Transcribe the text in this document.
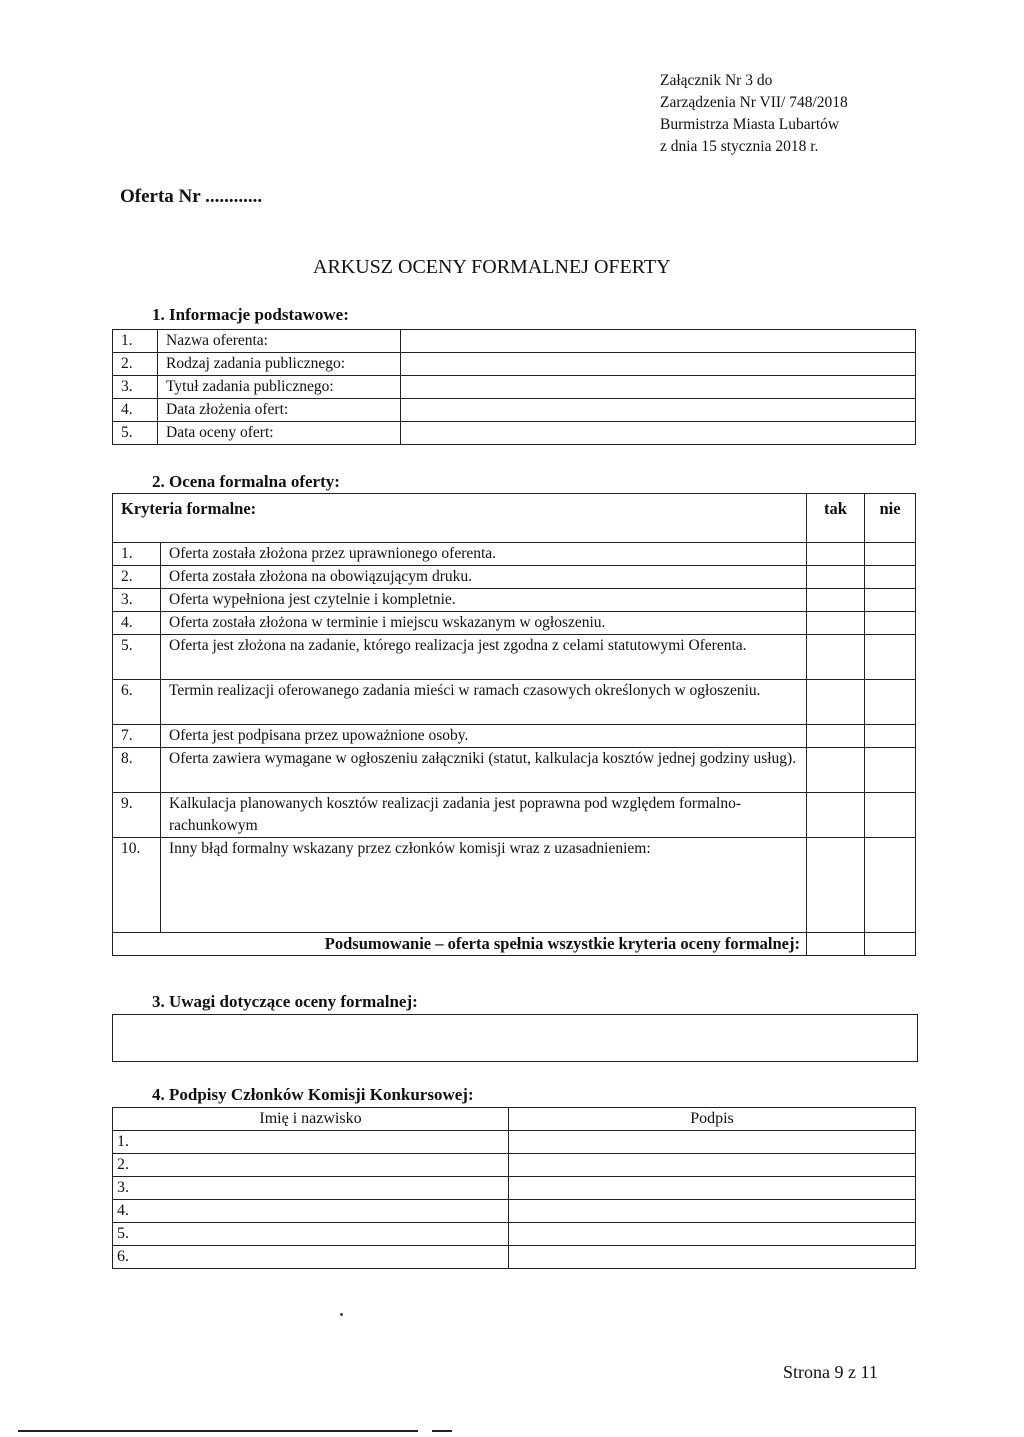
Załącznik Nr 3 do
Zarządzenia Nr VII/ 748/2018
Burmistrza Miasta Lubartów
z dnia 15 stycznia 2018 r.
Oferta Nr ............
ARKUSZ OCENY FORMALNEJ OFERTY
1. Informacje podstawowe:
1.	Nazwa oferenta:	
2.	Rodzaj zadania publicznego:	
3.	Tytuł zadania publicznego:	
4.	Data złożenia ofert:	
5.	Data oceny ofert:	
2. Ocena formalna oferty:
Kryteria formalne:		tak	nie
1.	Oferta została złożona przez uprawnionego oferenta.		
2.	Oferta została złożona na obowiązującym druku.		
3.	Oferta wypełniona jest czytelnie i kompletnie.		
4.	Oferta została złożona w terminie i miejscu wskazanym w ogłoszeniu.		
5.	Oferta jest złożona na zadanie, którego realizacja jest zgodna z celami statutowymi Oferenta.		
6.	Termin realizacji oferowanego zadania mieści w ramach czasowych określonych w ogłoszeniu.		
7.	Oferta jest podpisana przez upoważnione osoby.		
8.	Oferta zawiera wymagane w ogłoszeniu załączniki (statut, kalkulacja kosztów jednej godziny usług).		
9.	Kalkulacja planowanych kosztów realizacji zadania jest poprawna pod względem formalno-rachunkowym		
10.	Inny błąd formalny wskazany przez członków komisji wraz z uzasadnieniem:		
Podsumowanie – oferta spełnia wszystkie kryteria oceny formalnej:			
3. Uwagi dotyczące oceny formalnej:
4. Podpisy Członków Komisji Konkursowej:
Imię i nazwisko	Podpis
1.	
2.	
3.	
4.	
5.	
6.	
Strona 9 z 11
